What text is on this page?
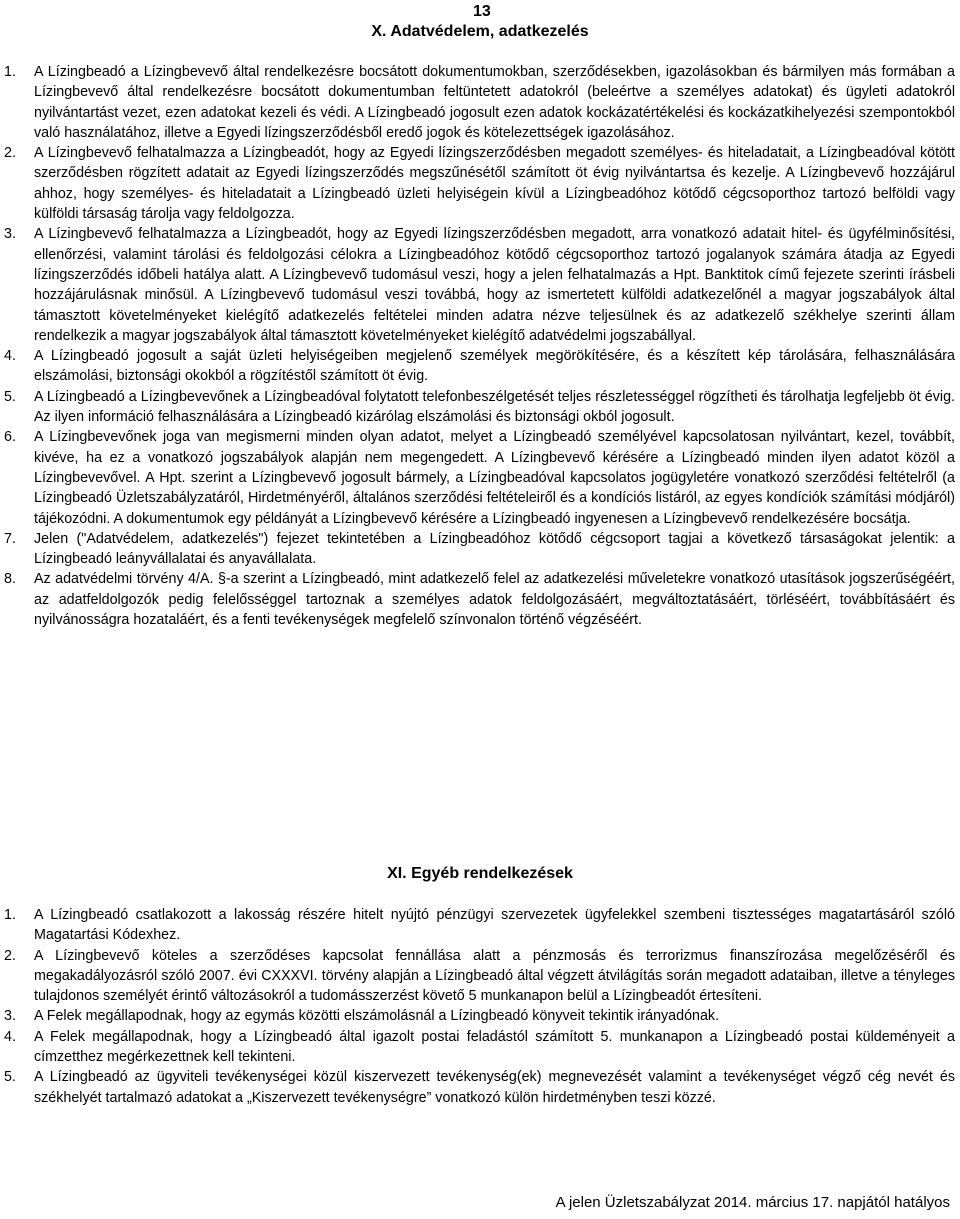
13
X. Adatvédelem, adatkezelés
1. A Lízingbeadó a Lízingbevevő által rendelkezésre bocsátott dokumentumokban, szerződésekben, igazolásokban és bármilyen más formában a Lízingbevevő által rendelkezésre bocsátott dokumentumban feltüntetett adatokról (beleértve a személyes adatokat) és ügyleti adatokról nyilvántartást vezet, ezen adatokat kezeli és védi. A Lízingbeadó jogosult ezen adatok kockázatértékelési és kockázatkihelyezési szempontokból való használatához, illetve a Egyedi lízingszerződésből eredő jogok és kötelezettségek igazolásához.
2. A Lízingbevevő felhatalmazza a Lízingbeadót, hogy az Egyedi lízingszerződésben megadott személyes- és hiteladatait, a Lízingbeadóval kötött szerződésben rögzített adatait az Egyedi lízingszerződés megszűnésétől számított öt évig nyilvántartsa és kezelje. A Lízingbevevő hozzájárul ahhoz, hogy személyes- és hiteladatait a Lízingbeadó üzleti helyiségein kívül a Lízingbeadóhoz kötődő cégcsoporthoz tartozó belföldi vagy külföldi társaság tárolja vagy feldolgozza.
3. A Lízingbevevő felhatalmazza a Lízingbeadót, hogy az Egyedi lízingszerződésben megadott, arra vonatkozó adatait hitel- és ügyfélminősítési, ellenőrzési, valamint tárolási és feldolgozási célokra a Lízingbeadóhoz kötődő cégcsoporthoz tartozó jogalanyok számára átadja az Egyedi lízingszerződés időbeli hatálya alatt. A Lízingbevevő tudomásul veszi, hogy a jelen felhatalmazás a Hpt. Banktitok című fejezete szerinti írásbeli hozzájárulásnak minősül. A Lízingbevevő tudomásul veszi továbbá, hogy az ismertetett külföldi adatkezelőnél a magyar jogszabályok által támasztott követelményeket kielégítő adatkezelés feltételei minden adatra nézve teljesülnek és az adatkezelő székhelye szerinti állam rendelkezik a magyar jogszabályok által támasztott követelményeket kielégítő adatvédelmi jogszabállyal.
4. A Lízingbeadó jogosult a saját üzleti helyiségeiben megjelenő személyek megörökítésére, és a készített kép tárolására, felhasználására elszámolási, biztonsági okokból a rögzítéstől számított öt évig.
5. A Lízingbeadó a Lízingbevevőnek a Lízingbeadóval folytatott telefonbeszélgetését teljes részletességgel rögzítheti és tárolhatja legfeljebb öt évig. Az ilyen információ felhasználására a Lízingbeadó kizárólag elszámolási és biztonsági okból jogosult.
6. A Lízingbevevőnek joga van megismerni minden olyan adatot, melyet a Lízingbeadó személyével kapcsolatosan nyilvántart, kezel, továbbít, kivéve, ha ez a vonatkozó jogszabályok alapján nem megengedett. A Lízingbevevő kérésére a Lízingbeadó minden ilyen adatot közöl a Lízingbevevővel. A Hpt. szerint a Lízingbevevő jogosult bármely, a Lízingbeadóval kapcsolatos jogügyletére vonatkozó szerződési feltételről (a Lízingbeadó Üzletszabályzatáról, Hirdetményéről, általános szerződési feltételeiről és a kondíciós listáról, az egyes kondíciók számítási módjáról) tájékozódni. A dokumentumok egy példányát a Lízingbevevő kérésére a Lízingbeadó ingyenesen a Lízingbevevő rendelkezésére bocsátja.
7. Jelen ("Adatvédelem, adatkezelés") fejezet tekintetében a Lízingbeadóhoz kötődő cégcsoport tagjai a következő társaságokat jelentik: a Lízingbeadó leányvállalatai és anyavállalata.
8. Az adatvédelmi törvény 4/A. §-a szerint a Lízingbeadó, mint adatkezelő felel az adatkezelési műveletekre vonatkozó utasítások jogszerűségéért, az adatfeldolgozók pedig felelősséggel tartoznak a személyes adatok feldolgozásáért, megváltoztatásáért, törléséért, továbbításáért és nyilvánosságra hozataláért, és a fenti tevékenységek megfelelő színvonalon történő végzéséért.
XI. Egyéb rendelkezések
1. A Lízingbeadó csatlakozott a lakosság részére hitelt nyújtó pénzügyi szervezetek ügyfelekkel szembeni tisztességes magatartásáról szóló Magatartási Kódexhez.
2. A Lízingbevevő köteles a szerződéses kapcsolat fennállása alatt a pénzmosás és terrorizmus finanszírozása megelőzéséről és megakadályozásról szóló 2007. évi CXXXVI. törvény alapján a Lízingbeadó által végzett átvilágítás során megadott adataiban, illetve a tényleges tulajdonos személyét érintő változásokról a tudomásszerzést követő 5 munkanapon belül a Lízingbeadót értesíteni.
3. A Felek megállapodnak, hogy az egymás közötti elszámolásnál a Lízingbeadó könyveit tekintik irányadónak.
4. A Felek megállapodnak, hogy a Lízingbeadó által igazolt postai feladástól számított 5. munkanapon a Lízingbeadó postai küldeményeit a címzetthez megérkezettnek kell tekinteni.
5. A Lízingbeadó az ügyviteli tevékenységei közül kiszervezett tevékenység(ek) megnevezését valamint a tevékenységet végző cég nevét és székhelyét tartalmazó adatokat a „Kiszervezett tevékenységre” vonatkozó külön hirdetményben teszi közzé.
A jelen Üzletszabályzat 2014. március 17. napjától hatályos
